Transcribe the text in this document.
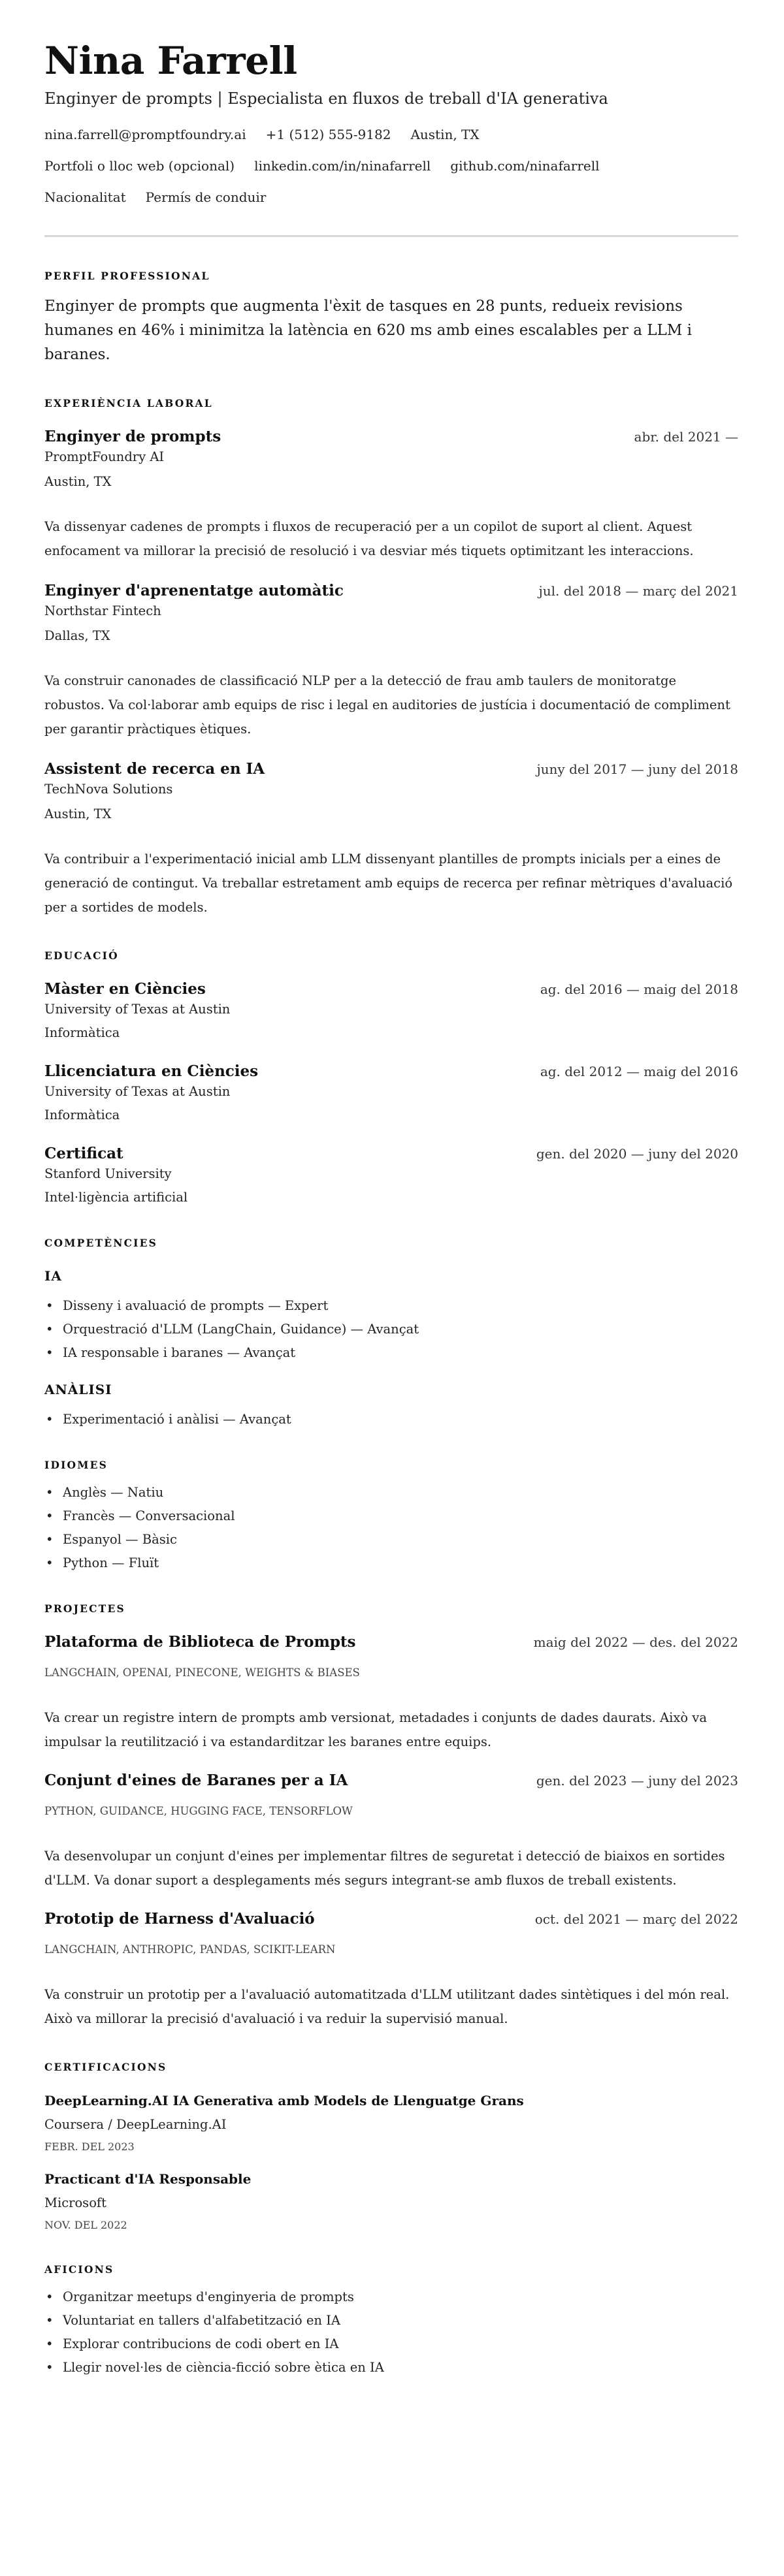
Nina Farrell
Enginyer de prompts | Especialista en fluxos de treball d'IA generativa
nina.farrell@promptfoundry.ai +1 (512) 555-9182 Austin, TX
Portfoli o lloc web (opcional) linkedin.com/in/ninafarrell github.com/ninafarrell
Nacionalitat Permís de conduir
PERFIL PROFESSIONAL

Enginyer de prompts que augmenta l'èxit de tasques en 28 punts, redueix revisions humanes en 46% i minimitza la latència en 620 ms amb eines escalables per a LLM i baranes.

EXPERIÈNCIA LABORAL
Enginyer de prompts	abr. del 2021 —
PromptFoundry AI
Austin, TX

Va dissenyar cadenes de prompts i fluxos de recuperació per a un copilot de suport al client. Aquest enfocament va millorar la precisió de resolució i va desviar més tiquets optimitzant les interaccions.

Enginyer d'aprenentatge automàtic	jul. del 2018 — març del 2021
Northstar Fintech
Dallas, TX

Va construir canonades de classificació NLP per a la detecció de frau amb taulers de monitoratge robustos. Va col·laborar amb equips de risc i legal en auditories de justícia i documentació de compliment per garantir pràctiques ètiques.

Assistent de recerca en IA	juny del 2017 — juny del 2018
TechNova Solutions
Austin, TX

Va contribuir a l'experimentació inicial amb LLM dissenyant plantilles de prompts inicials per a eines de generació de contingut. Va treballar estretament amb equips de recerca per refinar mètriques d'avaluació per a sortides de models.

EDUCACIÓ
Màster en Ciències	ag. del 2016 — maig del 2018
University of Texas at Austin
Informàtica
Llicenciatura en Ciències	ag. del 2012 — maig del 2016
University of Texas at Austin
Informàtica
Certificat	gen. del 2020 — juny del 2020
Stanford University
Intel·ligència artificial
COMPETÈNCIES
IA
• Disseny i avaluació de prompts — Expert
• Orquestració d'LLM (LangChain, Guidance) — Avançat
• IA responsable i baranes — Avançat
ANÀLISI
• Experimentació i anàlisi — Avançat
IDIOMES
• Anglès — Natiu
• Francès — Conversacional
• Espanyol — Bàsic
• Python — Fluït
PROJECTES
Plataforma de Biblioteca de Prompts	maig del 2022 — des. del 2022
LANGCHAIN, OPENAI, PINECONE, WEIGHTS & BIASES

Va crear un registre intern de prompts amb versionat, metadades i conjunts de dades daurats. Això va impulsar la reutilització i va estandarditzar les baranes entre equips.

Conjunt d'eines de Baranes per a IA	gen. del 2023 — juny del 2023
PYTHON, GUIDANCE, HUGGING FACE, TENSORFLOW

Va desenvolupar un conjunt d'eines per implementar filtres de seguretat i detecció de biaixos en sortides d'LLM. Va donar suport a desplegaments més segurs integrant-se amb fluxos de treball existents.

Prototip de Harness d'Avaluació	oct. del 2021 — març del 2022
LANGCHAIN, ANTHROPIC, PANDAS, SCIKIT-LEARN

Va construir un prototip per a l'avaluació automatitzada d'LLM utilitzant dades sintètiques i del món real. Això va millorar la precisió d'avaluació i va reduir la supervisió manual.

CERTIFICACIONS
DeepLearning.AI IA Generativa amb Models de Llenguatge Grans
Coursera / DeepLearning.AI
FEBR. DEL 2023
Practicant d'IA Responsable
Microsoft
NOV. DEL 2022
AFICIONS
• Organitzar meetups d'enginyeria de prompts
• Voluntariat en tallers d'alfabetització en IA
• Explorar contribucions de codi obert en IA
• Llegir novel·les de ciència-ficció sobre ètica en IA
